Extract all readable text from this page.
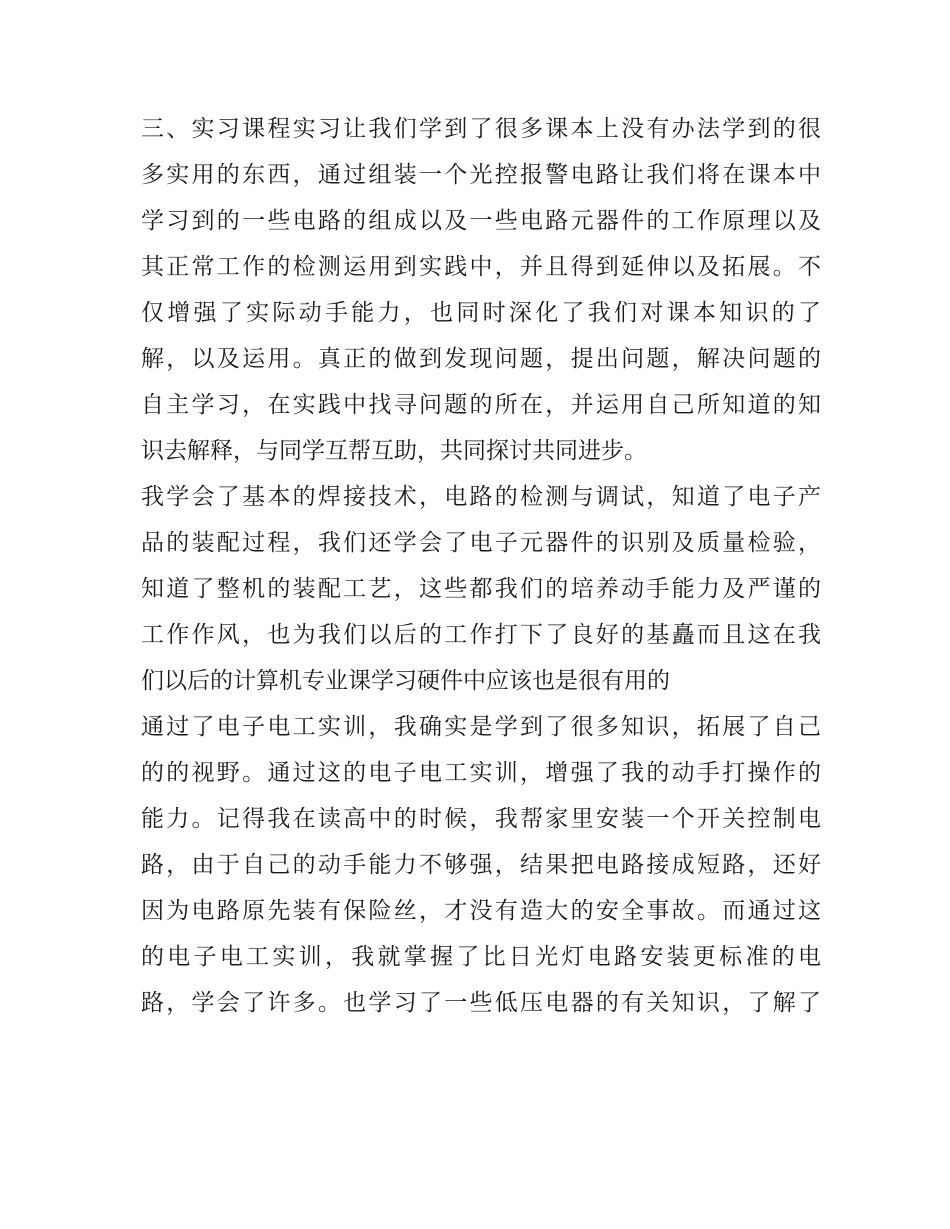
三、实习课程实习让我们学到了很多课本上没有办法学到的很
多实用的东西，通过组装一个光控报警电路让我们将在课本中
学习到的一些电路的组成以及一些电路元器件的工作原理以及
其正常工作的检测运用到实践中，并且得到延伸以及拓展。不
仅增强了实际动手能力，也同时深化了我们对课本知识的了
解，以及运用。真正的做到发现问题，提出问题，解决问题的
自主学习，在实践中找寻问题的所在，并运用自己所知道的知
识去解释，与同学互帮互助，共同探讨共同进步。
我学会了基本的焊接技术，电路的检测与调试，知道了电子产
品的装配过程，我们还学会了电子元器件的识别及质量检验，
知道了整机的装配工艺，这些都我们的培养动手能力及严谨的
工作作风，也为我们以后的工作打下了良好的基矗而且这在我
们以后的计算机专业课学习硬件中应该也是很有用的
通过了电子电工实训，我确实是学到了很多知识，拓展了自己
的的视野。通过这的电子电工实训，增强了我的动手打操作的
能力。记得我在读高中的时候，我帮家里安装一个开关控制电
路，由于自己的动手能力不够强，结果把电路接成短路，还好
因为电路原先装有保险丝，才没有造大的安全事故。而通过这
的电子电工实训，我就掌握了比日光灯电路安装更标准的电
路，学会了许多。也学习了一些低压电器的有关知识，了解了
